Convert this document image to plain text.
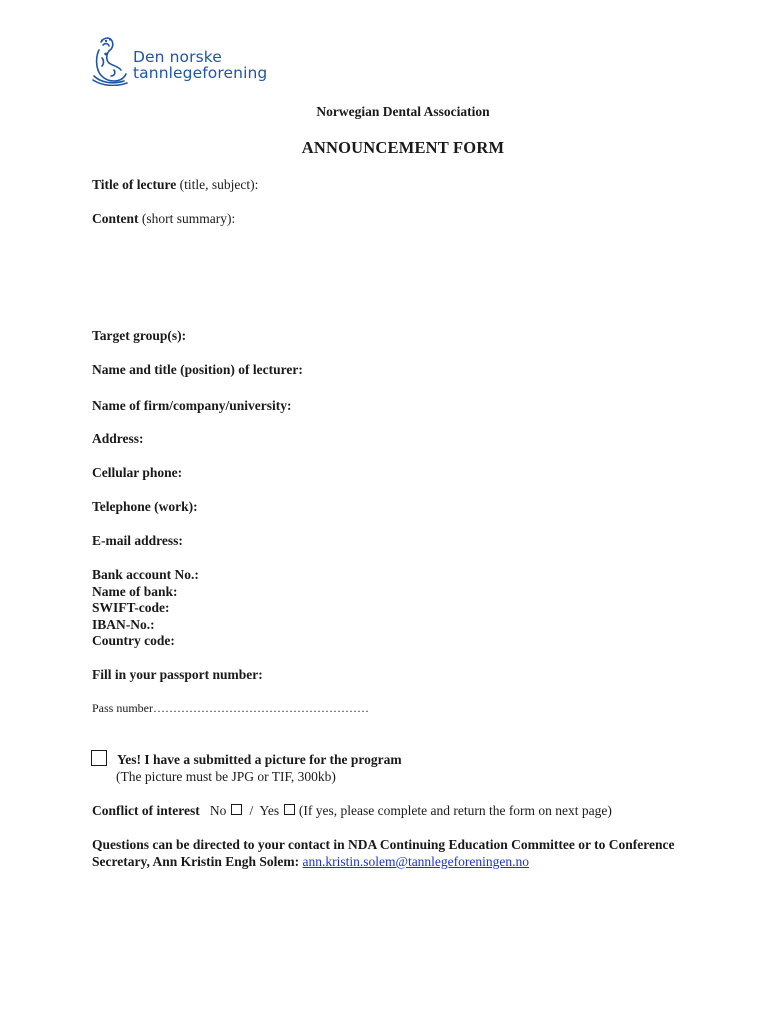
Den norske
tannlegeforening
Norwegian Dental Association
ANNOUNCEMENT FORM
Title of lecture (title, subject):
Content (short summary):
Target group(s):
Name and title (position) of lecturer:
Name of firm/company/university:
Address:
Cellular phone:
Telephone (work):
E-mail address:
Bank account No.:
Name of bank:
SWIFT-code:
IBAN-No.:
Country code:
Fill in your passport number:
Pass number………………………………………………
Yes! I have a submitted a picture for the program
(The picture must be JPG or TIF, 300kb)
Conflict of interest No / Yes (If yes, please complete and return the form on next page)
Questions can be directed to your contact in NDA Continuing Education Committee or to Conference Secretary, Ann Kristin Engh Solem: ann.kristin.solem@tannlegeforeningen.no
